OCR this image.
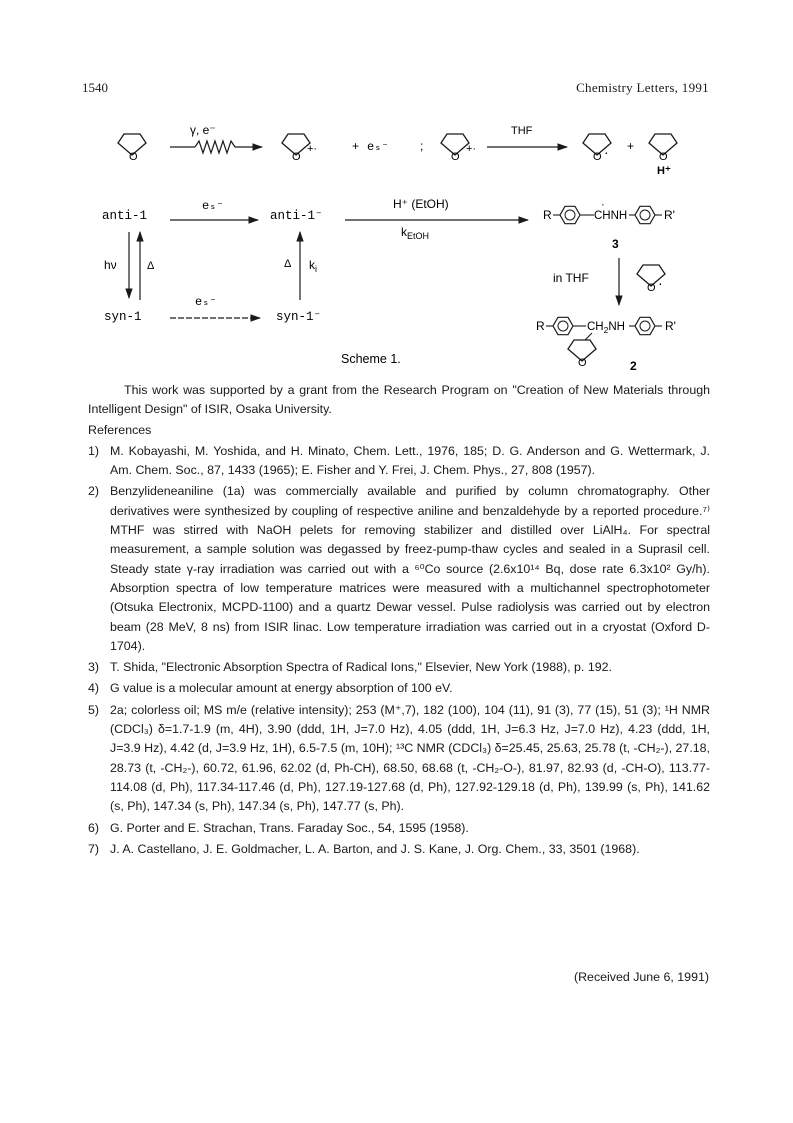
1540	Chemistry Letters, 1991
O
γ, e⁻
O
+·	+ eₛ⁻	;
O
+·
THF
O · +
O
H⁺
anti-1
eₛ⁻
anti-1⁻
H⁺ (EtOH)
$k_{EtOH}$
R	CHNH
·
R'
3
hν	Δ	Δ $k_i$
in THF
O ·
syn-1
eₛ⁻
syn-1⁻
R	$CH_2NH$	R'
O	2
Scheme 1.
This work was supported by a grant from the Research Program on "Creation of New Materials through Intelligent Design" of ISIR, Osaka University.
References
1) M. Kobayashi, M. Yoshida, and H. Minato, Chem. Lett., 1976, 185; D. G. Anderson and G. Wettermark, J. Am. Chem. Soc., 87, 1433 (1965); E. Fisher and Y. Frei, J. Chem. Phys., 27, 808 (1957).
2) Benzylideneaniline (1a) was commercially available and purified by column chromatography. Other derivatives were synthesized by coupling of respective aniline and benzaldehyde by a reported procedure.⁷⁾ MTHF was stirred with NaOH pelets for removing stabilizer and distilled over LiAlH₄. For spectral measurement, a sample solution was degassed by freez-pump-thaw cycles and sealed in a Suprasil cell. Steady state γ-ray irradiation was carried out with a ⁶⁰Co source (2.6x10¹⁴ Bq, dose rate 6.3x10² Gy/h). Absorption spectra of low temperature matrices were measured with a multichannel spectrophotometer (Otsuka Electronix, MCPD-1100) and a quartz Dewar vessel. Pulse radiolysis was carried out by electron beam (28 MeV, 8 ns) from ISIR linac. Low temperature irradiation was carried out in a cryostat (Oxford D-1704).
3) T. Shida, "Electronic Absorption Spectra of Radical Ions," Elsevier, New York (1988), p. 192.
4) G value is a molecular amount at energy absorption of 100 eV.
5) 2a; colorless oil; MS m/e (relative intensity); 253 (M⁺,7), 182 (100), 104 (11), 91 (3), 77 (15), 51 (3); ¹H NMR (CDCl₃) δ=1.7-1.9 (m, 4H), 3.90 (ddd, 1H, J=7.0 Hz), 4.05 (ddd, 1H, J=6.3 Hz, J=7.0 Hz), 4.23 (ddd, 1H, J=3.9 Hz), 4.42 (d, J=3.9 Hz, 1H), 6.5-7.5 (m, 10H); ¹³C NMR (CDCl₃) δ=25.45, 25.63, 25.78 (t, -CH₂-), 27.18, 28.73 (t, -CH₂-), 60.72, 61.96, 62.02 (d, Ph-CH), 68.50, 68.68 (t, -CH₂-O-), 81.97, 82.93 (d, -CH-O), 113.77-114.08 (d, Ph), 117.34-117.46 (d, Ph), 127.19-127.68 (d, Ph), 127.92-129.18 (d, Ph), 139.99 (s, Ph), 141.62 (s, Ph), 147.34 (s, Ph), 147.34 (s, Ph), 147.77 (s, Ph).
6) G. Porter and E. Strachan, Trans. Faraday Soc., 54, 1595 (1958).
7) J. A. Castellano, J. E. Goldmacher, L. A. Barton, and J. S. Kane, J. Org. Chem., 33, 3501 (1968).
(Received June 6, 1991)
